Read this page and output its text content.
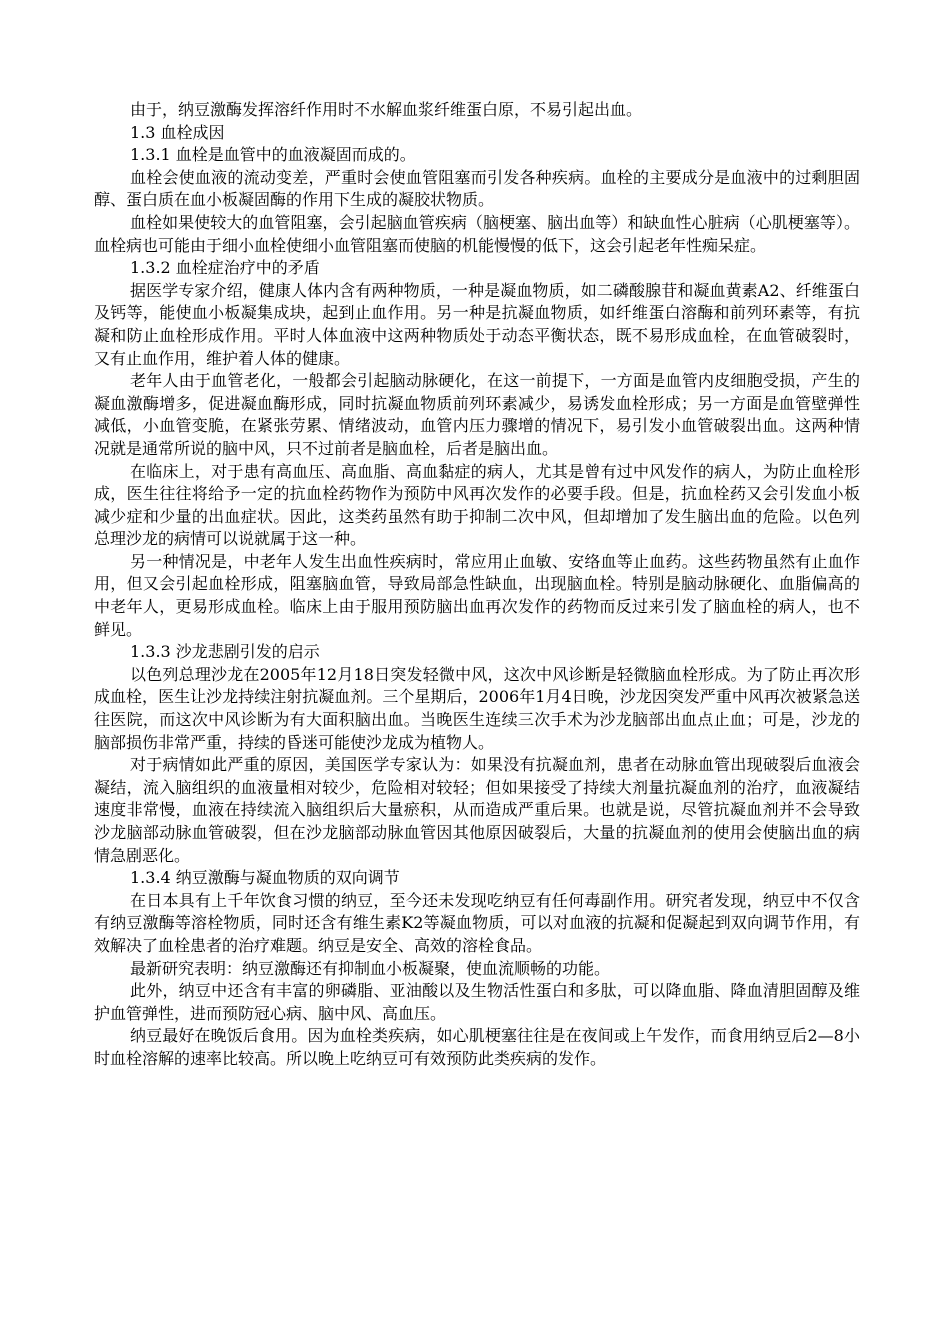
由于，纳豆激酶发挥溶纤作用时不水解血浆纤维蛋白原，不易引起出血。

1.3 血栓成因

1.3.1 血栓是血管中的血液凝固而成的。

血栓会使血液的流动变差，严重时会使血管阻塞而引发各种疾病。血栓的主要成分是血液中的过剩胆固醇、蛋白质在血小板凝固酶的作用下生成的凝胶状物质。

血栓如果使较大的血管阻塞，会引起脑血管疾病（脑梗塞、脑出血等）和缺血性心脏病（心肌梗塞等）。血栓病也可能由于细小血栓使细小血管阻塞而使脑的机能慢慢的低下，这会引起老年性痴呆症。

1.3.2 血栓症治疗中的矛盾

据医学专家介绍，健康人体内含有两种物质，一种是凝血物质，如二磷酸腺苷和凝血黄素A2、纤维蛋白及钙等，能使血小板凝集成块，起到止血作用。另一种是抗凝血物质，如纤维蛋白溶酶和前列环素等，有抗凝和防止血栓形成作用。平时人体血液中这两种物质处于动态平衡状态，既不易形成血栓，在血管破裂时，又有止血作用，维护着人体的健康。

老年人由于血管老化，一般都会引起脑动脉硬化，在这一前提下，一方面是血管内皮细胞受损，产生的凝血激酶增多，促进凝血酶形成，同时抗凝血物质前列环素减少，易诱发血栓形成；另一方面是血管壁弹性减低，小血管变脆，在紧张劳累、情绪波动，血管内压力骤增的情况下，易引发小血管破裂出血。这两种情况就是通常所说的脑中风，只不过前者是脑血栓，后者是脑出血。

在临床上，对于患有高血压、高血脂、高血黏症的病人，尤其是曾有过中风发作的病人，为防止血栓形成，医生往往将给予一定的抗血栓药物作为预防中风再次发作的必要手段。但是，抗血栓药又会引发血小板减少症和少量的出血症状。因此，这类药虽然有助于抑制二次中风，但却增加了发生脑出血的危险。以色列总理沙龙的病情可以说就属于这一种。

另一种情况是，中老年人发生出血性疾病时，常应用止血敏、安络血等止血药。这些药物虽然有止血作用，但又会引起血栓形成，阻塞脑血管，导致局部急性缺血，出现脑血栓。特别是脑动脉硬化、血脂偏高的中老年人，更易形成血栓。临床上由于服用预防脑出血再次发作的药物而反过来引发了脑血栓的病人，也不鲜见。

1.3.3 沙龙悲剧引发的启示

以色列总理沙龙在2005年12月18日突发轻微中风，这次中风诊断是轻微脑血栓形成。为了防止再次形成血栓，医生让沙龙持续注射抗凝血剂。三个星期后，2006年1月4日晚，沙龙因突发严重中风再次被紧急送往医院，而这次中风诊断为有大面积脑出血。当晚医生连续三次手术为沙龙脑部出血点止血；可是，沙龙的脑部损伤非常严重，持续的昏迷可能使沙龙成为植物人。

对于病情如此严重的原因，美国医学专家认为：如果没有抗凝血剂，患者在动脉血管出现破裂后血液会凝结，流入脑组织的血液量相对较少，危险相对较轻；但如果接受了持续大剂量抗凝血剂的治疗，血液凝结速度非常慢，血液在持续流入脑组织后大量瘀积，从而造成严重后果。也就是说，尽管抗凝血剂并不会导致沙龙脑部动脉血管破裂，但在沙龙脑部动脉血管因其他原因破裂后，大量的抗凝血剂的使用会使脑出血的病情急剧恶化。

1.3.4 纳豆激酶与凝血物质的双向调节

在日本具有上千年饮食习惯的纳豆，至今还未发现吃纳豆有任何毒副作用。研究者发现，纳豆中不仅含有纳豆激酶等溶栓物质，同时还含有维生素K2等凝血物质，可以对血液的抗凝和促凝起到双向调节作用，有效解决了血栓患者的治疗难题。纳豆是安全、高效的溶栓食品。

最新研究表明：纳豆激酶还有抑制血小板凝聚，使血流顺畅的功能。

此外，纳豆中还含有丰富的卵磷脂、亚油酸以及生物活性蛋白和多肽，可以降血脂、降血清胆固醇及维护血管弹性，进而预防冠心病、脑中风、高血压。

纳豆最好在晚饭后食用。因为血栓类疾病，如心肌梗塞往往是在夜间或上午发作，而食用纳豆后2—8小时血栓溶解的速率比较高。所以晚上吃纳豆可有效预防此类疾病的发作。
